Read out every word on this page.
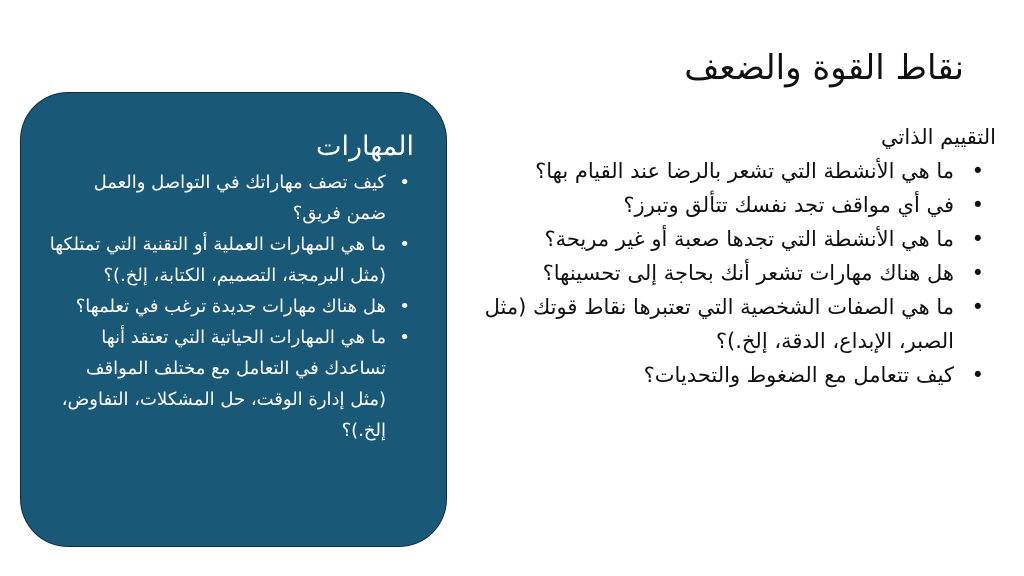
نقاط القوة والضعف
التقييم الذاتي
• ما هي الأنشطة التي تشعر بالرضا عند القيام بها؟
• في أي مواقف تجد نفسك تتألق وتبرز؟
• ما هي الأنشطة التي تجدها صعبة أو غير مريحة؟
• هل هناك مهارات تشعر أنك بحاجة إلى تحسينها؟
• ما هي الصفات الشخصية التي تعتبرها نقاط قوتك (مثل الصبر، الإبداع، الدقة، إلخ.)؟
• كيف تتعامل مع الضغوط والتحديات؟
المهارات
• كيف تصف مهاراتك في التواصل والعمل ضمن فريق؟
• ما هي المهارات العملية أو التقنية التي تمتلكها (مثل البرمجة، التصميم، الكتابة، إلخ.)؟
• هل هناك مهارات جديدة ترغب في تعلمها؟
• ما هي المهارات الحياتية التي تعتقد أنها تساعدك في التعامل مع مختلف المواقف (مثل إدارة الوقت، حل المشكلات، التفاوض، إلخ.)؟
